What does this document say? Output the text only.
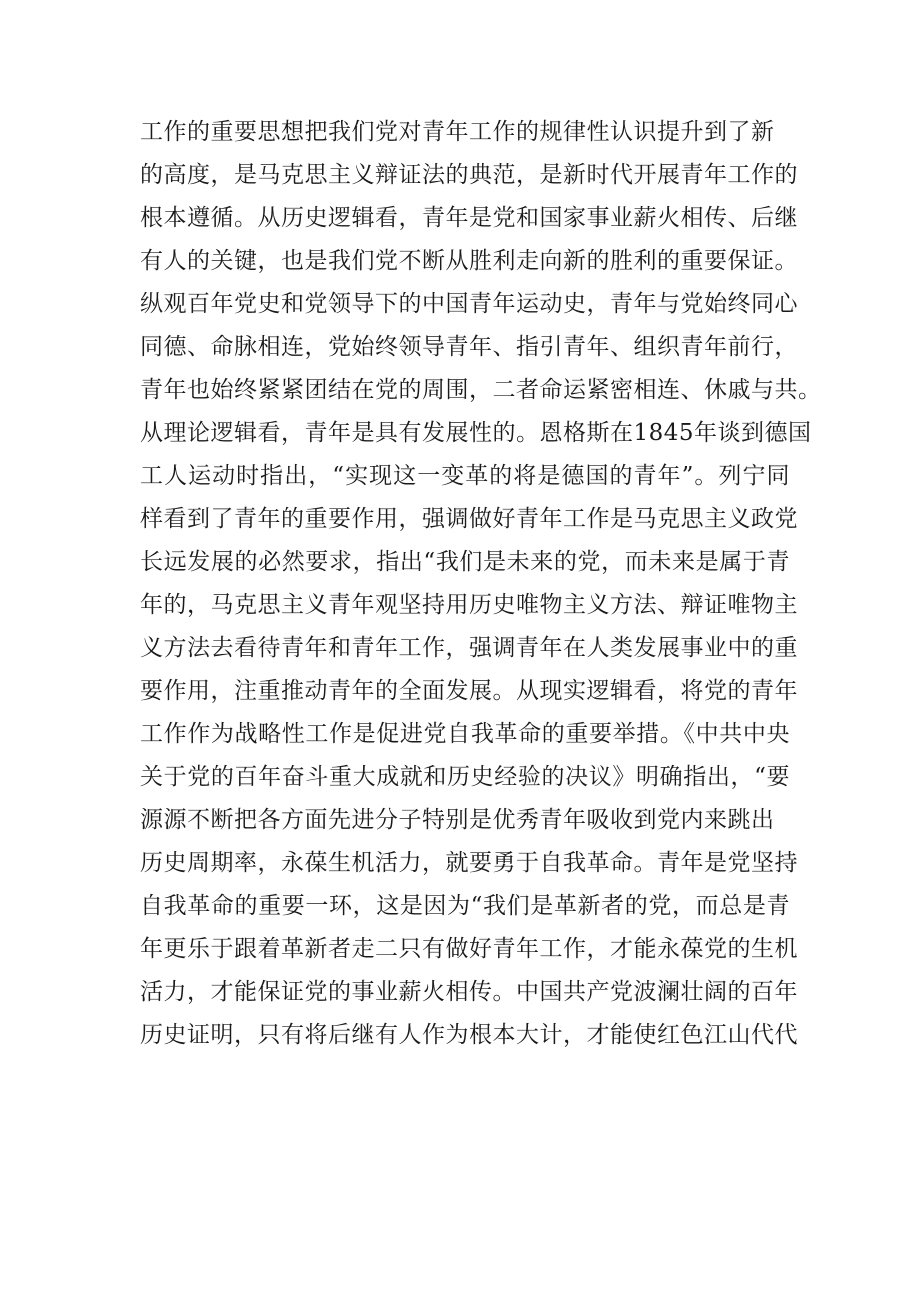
工作的重要思想把我们党对青年工作的规律性认识提升到了新
的高度，是马克思主义辩证法的典范，是新时代开展青年工作的
根本遵循。从历史逻辑看，青年是党和国家事业薪火相传、后继
有人的关键，也是我们党不断从胜利走向新的胜利的重要保证。
纵观百年党史和党领导下的中国青年运动史，青年与党始终同心
同德、命脉相连，党始终领导青年、指引青年、组织青年前行，
青年也始终紧紧团结在党的周围，二者命运紧密相连、休戚与共。
从理论逻辑看，青年是具有发展性的。恩格斯在1845年谈到德国
工人运动时指出，“实现这一变革的将是德国的青年”。列宁同
样看到了青年的重要作用，强调做好青年工作是马克思主义政党
长远发展的必然要求，指出“我们是未来的党，而未来是属于青
年的，马克思主义青年观坚持用历史唯物主义方法、辩证唯物主
义方法去看待青年和青年工作，强调青年在人类发展事业中的重
要作用，注重推动青年的全面发展。从现实逻辑看，将党的青年
工作作为战略性工作是促进党自我革命的重要举措。《中共中央
关于党的百年奋斗重大成就和历史经验的决议》明确指出，“要
源源不断把各方面先进分子特别是优秀青年吸收到党内来跳出
历史周期率，永葆生机活力，就要勇于自我革命。青年是党坚持
自我革命的重要一环，这是因为“我们是革新者的党，而总是青
年更乐于跟着革新者走二只有做好青年工作，才能永葆党的生机
活力，才能保证党的事业薪火相传。中国共产党波澜壮阔的百年
历史证明，只有将后继有人作为根本大计，才能使红色江山代代
